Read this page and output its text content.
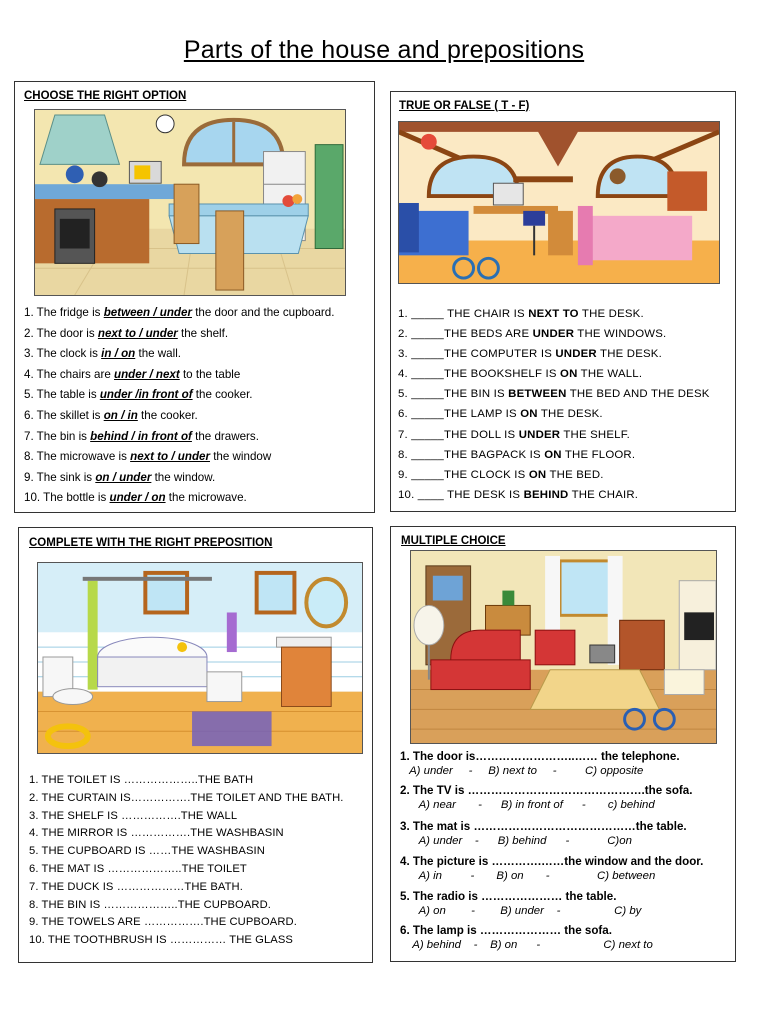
Parts of the house and prepositions
CHOOSE THE RIGHT OPTION
1. The fridge is between / under the door and the cupboard.
2. The door is next to / under the shelf.
3. The clock is in / on the wall.
4. The chairs are under / next to the table
5. The table is under /in front of the cooker.
6. The skillet is on / in the cooker.
7. The bin is behind / in front of the drawers.
8. The microwave is next to / under the window
9. The sink is on / under the window.
10. The bottle is under / on the microwave.
TRUE OR FALSE ( T - F)
1. _____ THE CHAIR IS NEXT TO THE DESK.
2. _____THE BEDS ARE UNDER THE WINDOWS.
3. _____THE COMPUTER IS UNDER THE DESK.
4. _____THE BOOKSHELF IS ON THE WALL.
5. _____THE BIN IS BETWEEN THE BED AND THE DESK
6. _____THE LAMP IS ON THE DESK.
7. _____THE DOLL IS UNDER THE SHELF.
8. _____THE BAGPACK IS ON THE FLOOR.
9. _____THE CLOCK IS ON THE BED.
10. ____ THE DESK IS BEHIND THE CHAIR.
COMPLETE WITH THE RIGHT PREPOSITION
1. THE TOILET IS ………………..THE BATH
2. THE CURTAIN IS…………….THE TOILET AND THE BATH.
3. THE SHELF IS …………….THE WALL
4. THE MIRROR IS …………….THE WASHBASIN
5. THE CUPBOARD IS ……THE WASHBASIN
6. THE MAT IS ………………..THE TOILET
7. THE DUCK IS ………………THE BATH.
8. THE BIN IS ………………..THE CUPBOARD.
9. THE TOWELS ARE …………….THE CUPBOARD.
10. THE TOOTHBRUSH IS …………… THE GLASS
MULTIPLE CHOICE
1. The door is……………………..…… the telephone.
A) under     -     B) next to     -         C) opposite
2. The TV is ……………………………………….the sofa.
A) near       -      B) in front of      -       c) behind
3. The mat is ……………………………………the table.
A) under    -      B) behind      -            C)on
4. The picture is ………….……the window and the door.
A) in         -       B) on       -               C) between
5. The radio is ………………… the table.
A) on        -        B) under    -                 C) by
6. The lamp is ………………… the sofa.
A) behind    -    B) on      -                    C) next to
